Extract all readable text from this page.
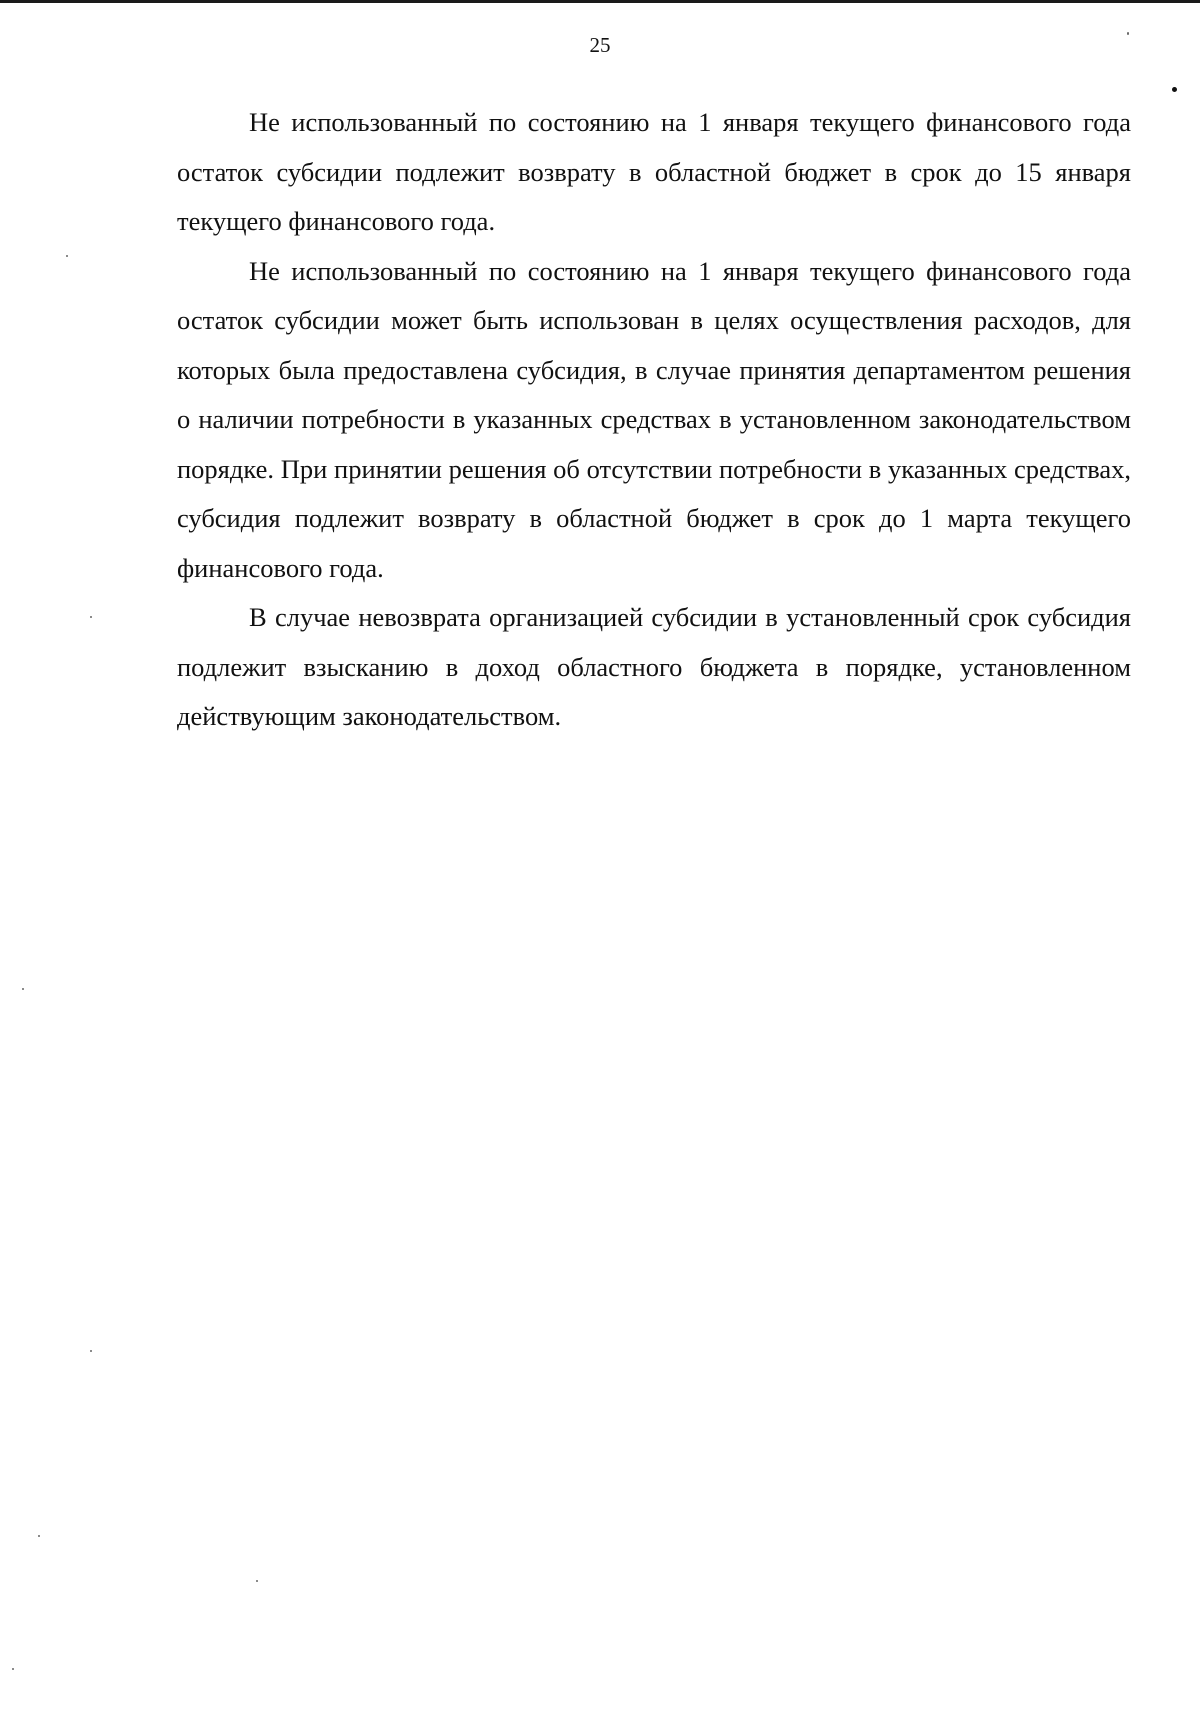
25

Не использованный по состоянию на 1 января текущего финансового года остаток субсидии подлежит возврату в областной бюджет в срок до 15 января текущего финансового года.

Не использованный по состоянию на 1 января текущего финансового года остаток субсидии может быть использован в целях осуществления расходов, для которых была предоставлена субсидия, в случае принятия департаментом решения о наличии потребности в указанных средствах в установленном законодательством порядке. При принятии решения об отсутствии потребности в указанных средствах, субсидия подлежит возврату в областной бюджет в срок до 1 марта текущего финансового года.

В случае невозврата организацией субсидии в установленный срок субсидия подлежит взысканию в доход областного бюджета в порядке, установленном действующим законодательством.
